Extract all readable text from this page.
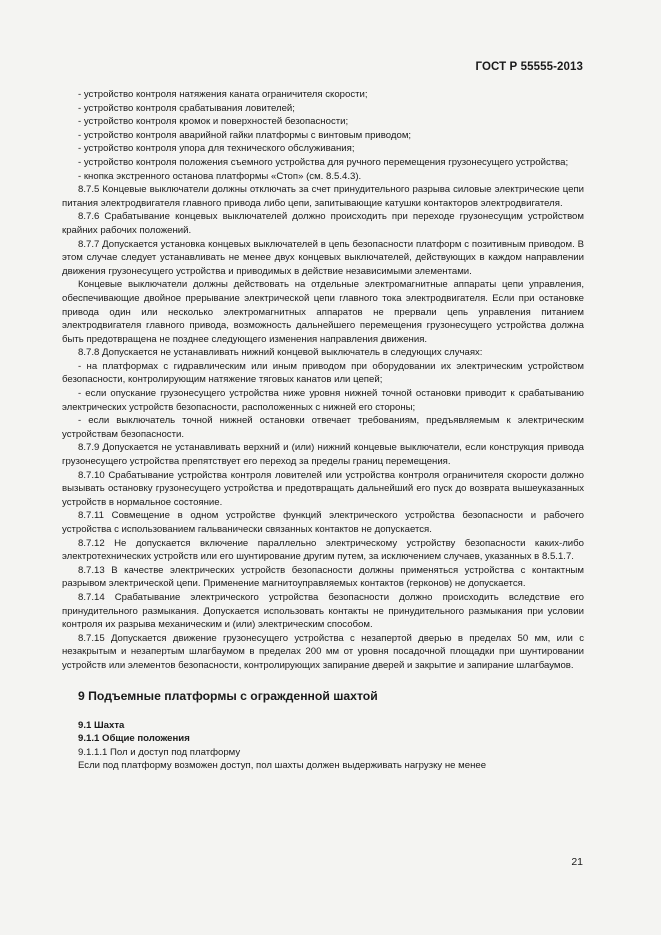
ГОСТ Р 55555-2013

- устройство контроля натяжения каната ограничителя скорости;

- устройство контроля срабатывания ловителей;

- устройство контроля кромок и поверхностей безопасности;

- устройство контроля аварийной гайки платформы с винтовым приводом;

- устройство контроля упора для технического обслуживания;

- устройство контроля положения съемного устройства для ручного перемещения грузонесущего устройства;

- кнопка экстренного останова платформы «Стоп» (см. 8.5.4.3).

8.7.5 Концевые выключатели должны отключать за счет принудительного разрыва силовые электрические цепи питания электродвигателя главного привода либо цепи, запитывающие катушки контакторов электродвигателя.

8.7.6 Срабатывание концевых выключателей должно происходить при переходе грузонесущим устройством крайних рабочих положений.

8.7.7 Допускается установка концевых выключателей в цепь безопасности платформ с позитивным приводом. В этом случае следует устанавливать не менее двух концевых выключателей, действующих в каждом направлении движения грузонесущего устройства и приводимых в действие независимыми элементами.

Концевые выключатели должны действовать на отдельные электромагнитные аппараты цепи управления, обеспечивающие двойное прерывание электрической цепи главного тока электродвигателя. Если при остановке привода один или несколько электромагнитных аппаратов не прервали цепь управления питанием электродвигателя главного привода, возможность дальнейшего перемещения грузонесущего устройства должна быть предотвращена не позднее следующего изменения направления движения.

8.7.8 Допускается не устанавливать нижний концевой выключатель в следующих случаях:

- на платформах с гидравлическим или иным приводом при оборудовании их электрическим устройством безопасности, контролирующим натяжение тяговых канатов или цепей;

- если опускание грузонесущего устройства ниже уровня нижней точной остановки приводит к срабатыванию электрических устройств безопасности, расположенных с нижней его стороны;

- если выключатель точной нижней остановки отвечает требованиям, предъявляемым к электрическим устройствам безопасности.

8.7.9 Допускается не устанавливать верхний и (или) нижний концевые выключатели, если конструкция привода грузонесущего устройства препятствует его переход за пределы границ перемещения.

8.7.10 Срабатывание устройства контроля ловителей или устройства контроля ограничителя скорости должно вызывать остановку грузонесущего устройства и предотвращать дальнейший его пуск до возврата вышеуказанных устройств в нормальное состояние.

8.7.11 Совмещение в одном устройстве функций электрического устройства безопасности и рабочего устройства с использованием гальванически связанных контактов не допускается.

8.7.12 Не допускается включение параллельно электрическому устройству безопасности каких-либо электротехнических устройств или его шунтирование другим путем, за исключением случаев, указанных в 8.5.1.7.

8.7.13 В качестве электрических устройств безопасности должны применяться устройства с контактным разрывом электрической цепи. Применение магнитоуправляемых контактов (герконов) не допускается.

8.7.14 Срабатывание электрического устройства безопасности должно происходить вследствие его принудительного размыкания. Допускается использовать контакты не принудительного размыкания при условии контроля их разрыва механическим и (или) электрическим способом.

8.7.15 Допускается движение грузонесущего устройства с незапертой дверью в пределах 50 мм, или с незакрытым и незапертым шлагбаумом в пределах 200 мм от уровня посадочной площадки при шунтировании устройств или элементов безопасности, контролирующих запирание дверей и закрытие и запирание шлагбаумов.

9 Подъемные платформы с огражденной шахтой

9.1 Шахта

9.1.1 Общие положения

9.1.1.1 Пол и доступ под платформу

Если под платформу возможен доступ, пол шахты должен выдерживать нагрузку не менее

21
